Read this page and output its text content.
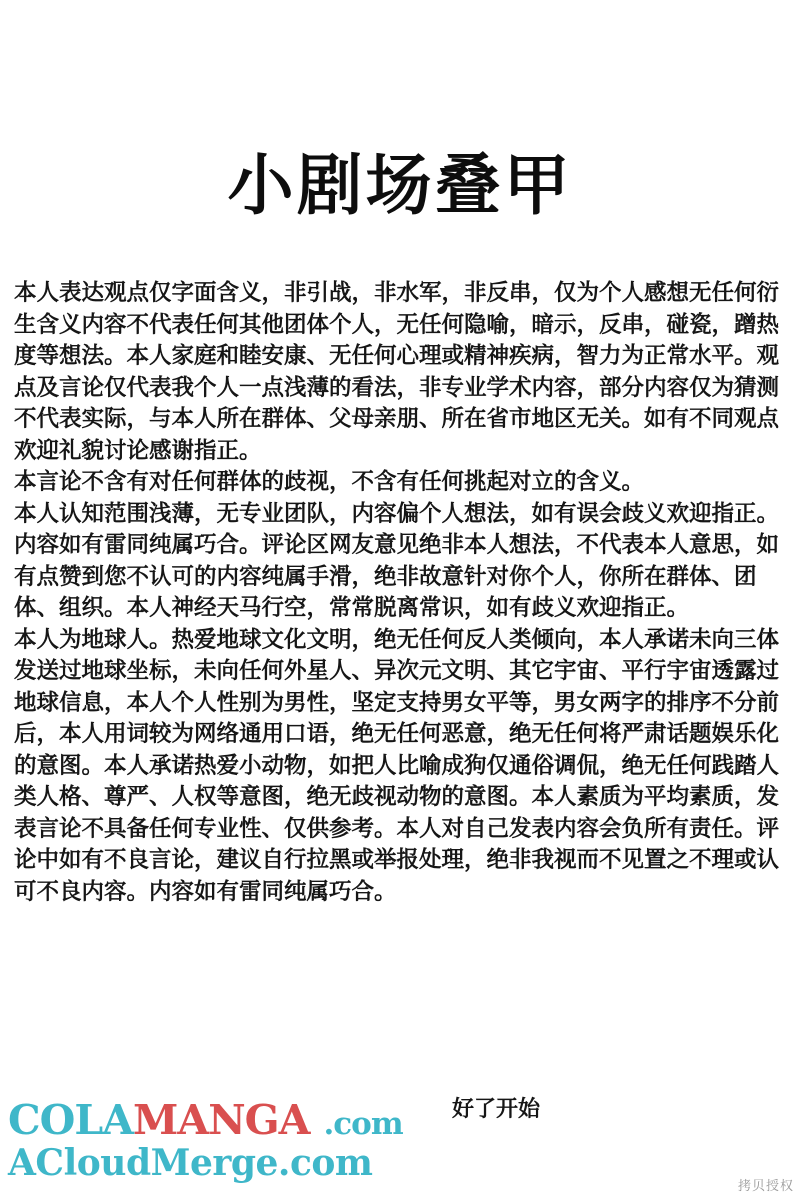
小剧场叠甲

本人表达观点仅字面含义，非引战，非水军，非反串，仅为个人感想无任何衍生含义内容不代表任何其他团体个人，无任何隐喻，暗示，反串，碰瓷，蹭热度等想法。本人家庭和睦安康、无任何心理或精神疾病，智力为正常水平。观点及言论仅代表我个人一点浅薄的看法，非专业学术内容，部分内容仅为猜测不代表实际，与本人所在群体、父母亲朋、所在省市地区无关。如有不同观点欢迎礼貌讨论感谢指正。

本言论不含有对任何群体的歧视，不含有任何挑起对立的含义。

本人认知范围浅薄，无专业团队，内容偏个人想法，如有误会歧义欢迎指正。内容如有雷同纯属巧合。评论区网友意见绝非本人想法，不代表本人意思，如有点赞到您不认可的内容纯属手滑，绝非故意针对你个人，你所在群体、团体、组织。本人神经天马行空，常常脱离常识，如有歧义欢迎指正。

本人为地球人。热爱地球文化文明，绝无任何反人类倾向，本人承诺未向三体发送过地球坐标，未向任何外星人、异次元文明、其它宇宙、平行宇宙透露过地球信息，本人个人性别为男性，坚定支持男女平等，男女两字的排序不分前后，本人用词较为网络通用口语，绝无任何恶意，绝无任何将严肃话题娱乐化的意图。本人承诺热爱小动物，如把人比喻成狗仅通俗调侃，绝无任何践踏人类人格、尊严、人权等意图，绝无歧视动物的意图。本人素质为平均素质，发表言论不具备任何专业性、仅供参考。本人对自己发表内容会负所有责任。评论中如有不良言论，建议自行拉黑或举报处理，绝非我视而不见置之不理或认可不良内容。内容如有雷同纯属巧合。

好了开始
COLAMANGA .com
ACloudMerge.com
拷贝授权
